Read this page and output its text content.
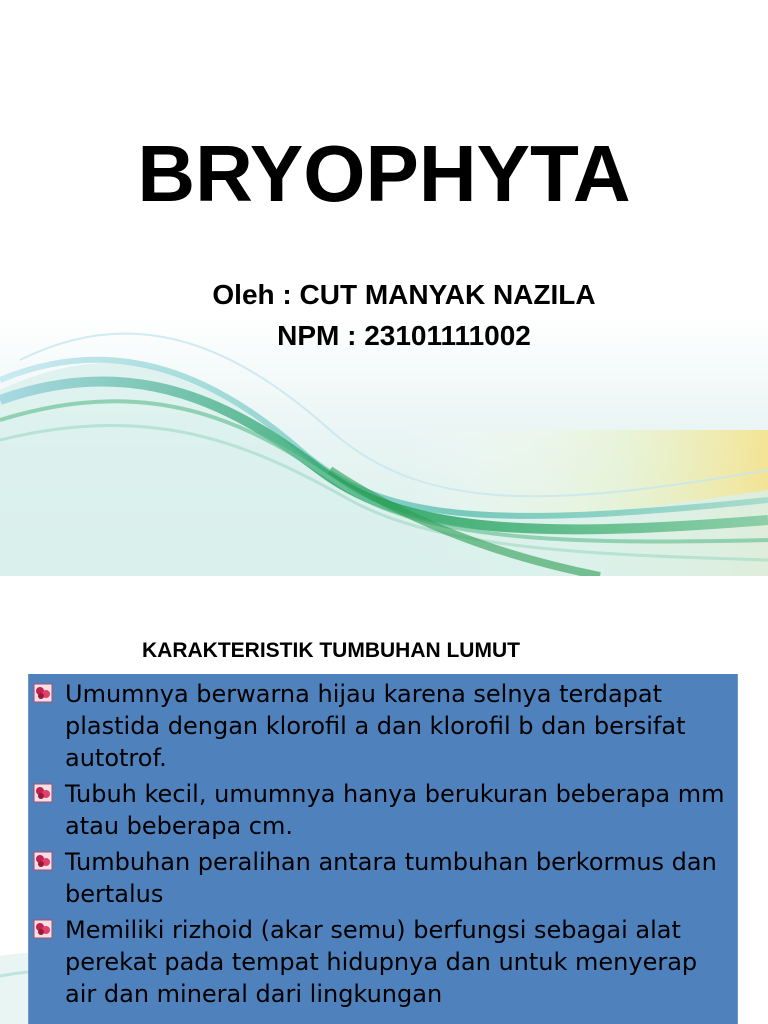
BRYOPHYTA
Oleh : CUT MANYAK NAZILA
NPM : 23101111002
KARAKTERISTIK TUMBUHAN LUMUT
Umumnya berwarna hijau karena selnya terdapat plastida dengan klorofil a dan klorofil b dan bersifat autotrof.
Tubuh kecil, umumnya hanya berukuran beberapa mm atau beberapa cm.
Tumbuhan peralihan antara tumbuhan berkormus dan bertalus
Memiliki rizhoid (akar semu) berfungsi sebagai alat perekat pada tempat hidupnya dan untuk menyerap air dan mineral dari lingkungan
